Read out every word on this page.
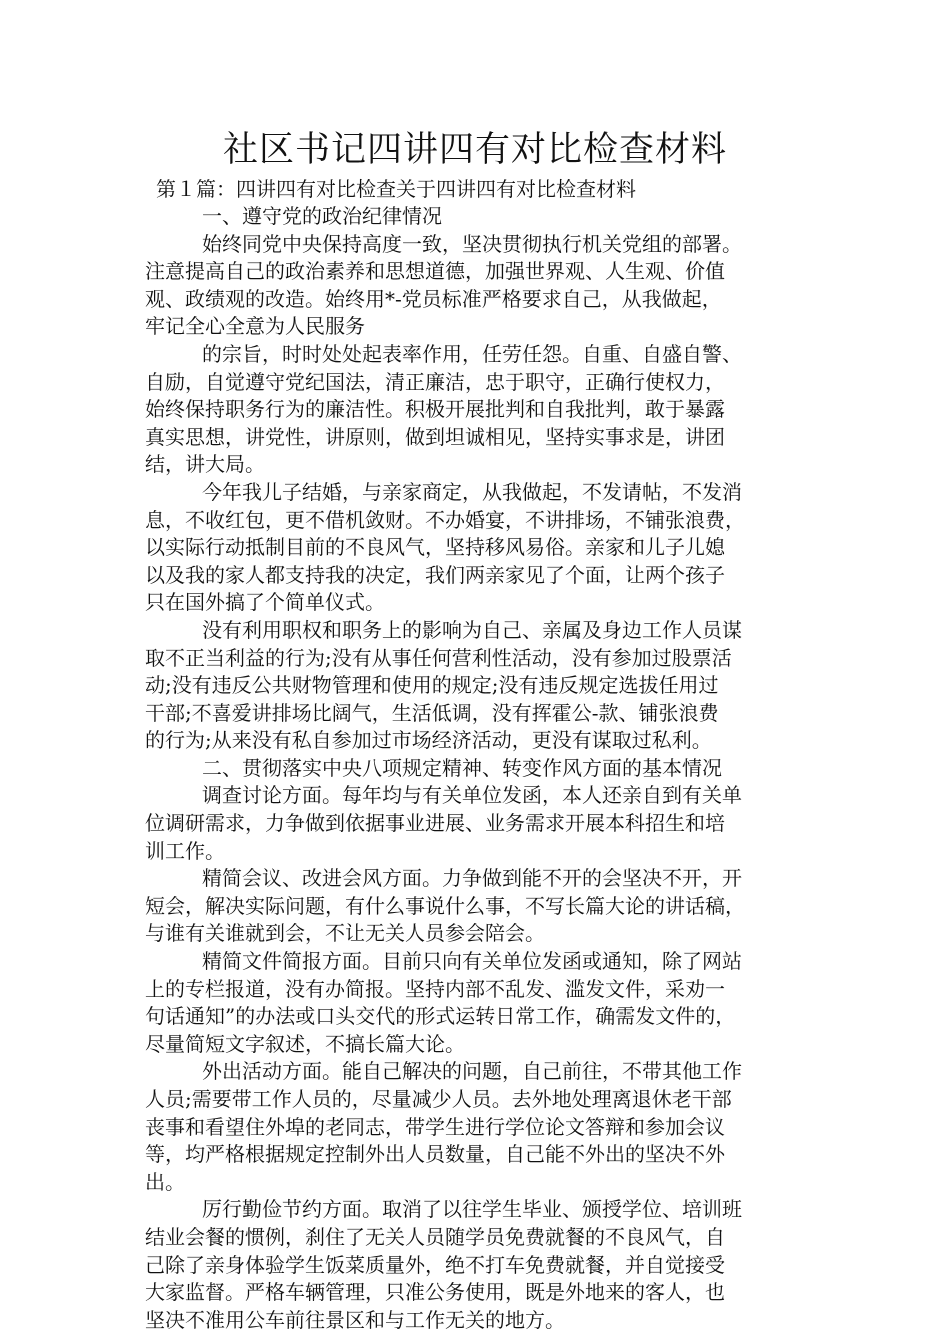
社区书记四讲四有对比检查材料
第１篇：四讲四有对比检查关于四讲四有对比检查材料
一、遵守党的政治纪律情况
始终同党中央保持高度一致，坚决贯彻执行机关党组的部署。
注意提高自己的政治素养和思想道德，加强世界观、人生观、价值
观、政绩观的改造。始终用*-党员标准严格要求自己，从我做起，
牢记全心全意为人民服务
的宗旨，时时处处起表率作用，任劳任怨。自重、自盛自警、
自励，自觉遵守党纪国法，清正廉洁，忠于职守，正确行使权力，
始终保持职务行为的廉洁性。积极开展批判和自我批判，敢于暴露
真实思想，讲党性，讲原则，做到坦诚相见，坚持实事求是，讲团
结，讲大局。
今年我儿子结婚，与亲家商定，从我做起，不发请帖，不发消
息，不收红包，更不借机敛财。不办婚宴，不讲排场，不铺张浪费，
以实际行动抵制目前的不良风气，坚持移风易俗。亲家和儿子儿媳
以及我的家人都支持我的决定，我们两亲家见了个面，让两个孩子
只在国外搞了个简单仪式。
没有利用职权和职务上的影响为自己、亲属及身边工作人员谋
取不正当利益的行为;没有从事任何营利性活动，没有参加过股票活
动;没有违反公共财物管理和使用的规定;没有违反规定选拔任用过
干部;不喜爱讲排场比阔气，生活低调，没有挥霍公-款、铺张浪费
的行为;从来没有私自参加过市场经济活动，更没有谋取过私利。
二、贯彻落实中央八项规定精神、转变作风方面的基本情况
调查讨论方面。每年均与有关单位发函，本人还亲自到有关单
位调研需求，力争做到依据事业进展、业务需求开展本科招生和培
训工作。
精简会议、改进会风方面。力争做到能不开的会坚决不开，开
短会，解决实际问题，有什么事说什么事，不写长篇大论的讲话稿，
与谁有关谁就到会，不让无关人员参会陪会。
精简文件简报方面。目前只向有关单位发函或通知，除了网站
上的专栏报道，没有办简报。坚持内部不乱发、滥发文件，采劝一
句话通知”的办法或口头交代的形式运转日常工作，确需发文件的，
尽量简短文字叙述，不搞长篇大论。
外出活动方面。能自己解决的问题，自己前往，不带其他工作
人员;需要带工作人员的，尽量减少人员。去外地处理离退休老干部
丧事和看望住外埠的老同志，带学生进行学位论文答辩和参加会议
等，均严格根据规定控制外出人员数量，自己能不外出的坚决不外
出。
厉行勤俭节约方面。取消了以往学生毕业、颁授学位、培训班
结业会餐的惯例，刹住了无关人员随学员免费就餐的不良风气，自
己除了亲身体验学生饭菜质量外，绝不打车免费就餐，并自觉接受
大家监督。严格车辆管理，只准公务使用，既是外地来的客人，也
坚决不准用公车前往景区和与工作无关的地方。
